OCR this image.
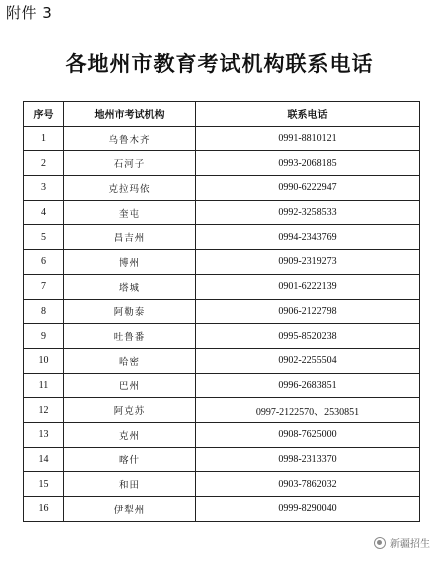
附件 3
各地州市教育考试机构联系电话
序号	地州市考试机构	联系电话
1	乌鲁木齐	0991-8810121
2	石河子	0993-2068185
3	克拉玛依	0990-6222947
4	奎屯	0992-3258533
5	昌吉州	0994-2343769
6	博州	0909-2319273
7	塔城	0901-6222139
8	阿勒泰	0906-2122798
9	吐鲁番	0995-8520238
10	哈密	0902-2255504
11	巴州	0996-2683851
12	阿克苏	0997-2122570、2530851
13	克州	0908-7625000
14	喀什	0998-2313370
15	和田	0903-7862032
16	伊犁州	0999-8290040
新疆招生
